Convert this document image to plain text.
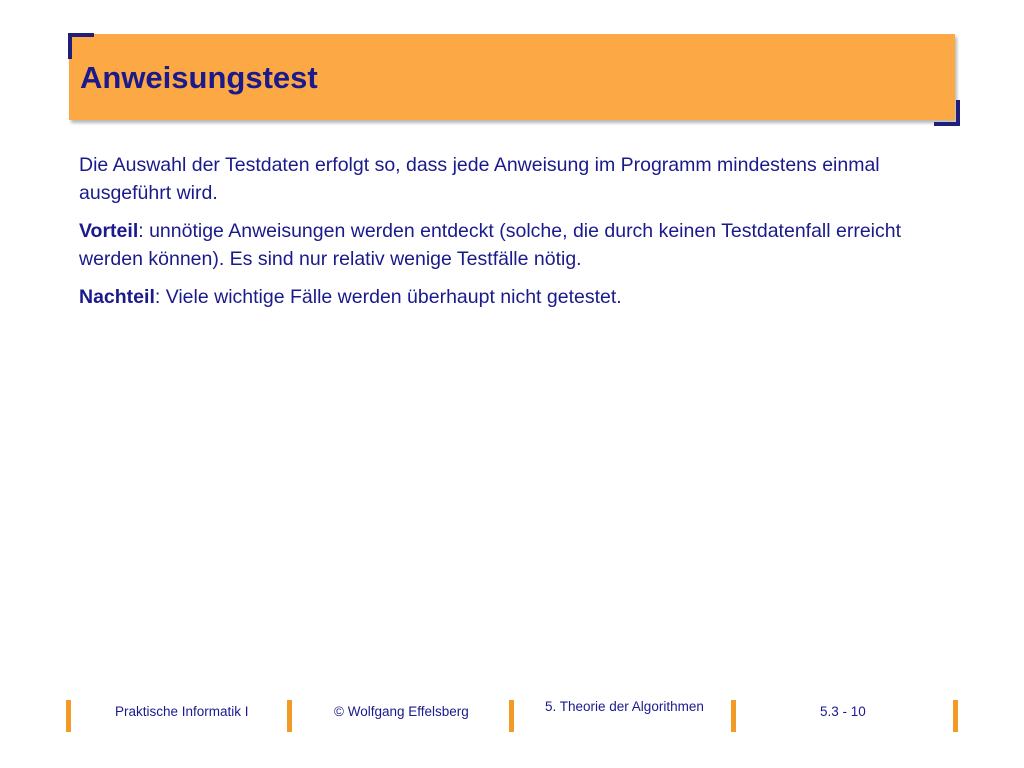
Anweisungstest

Die Auswahl der Testdaten erfolgt so, dass jede Anweisung im Programm mindestens einmal ausgeführt wird.

Vorteil: unnötige Anweisungen werden entdeckt (solche, die durch keinen Testdatenfall erreicht werden können). Es sind nur relativ wenige Testfälle nötig.

Nachteil: Viele wichtige Fälle werden überhaupt nicht getestet.

Praktische Informatik I	© Wolfgang Effelsberg	5. Theorie der Algorithmen	5.3 - 10
